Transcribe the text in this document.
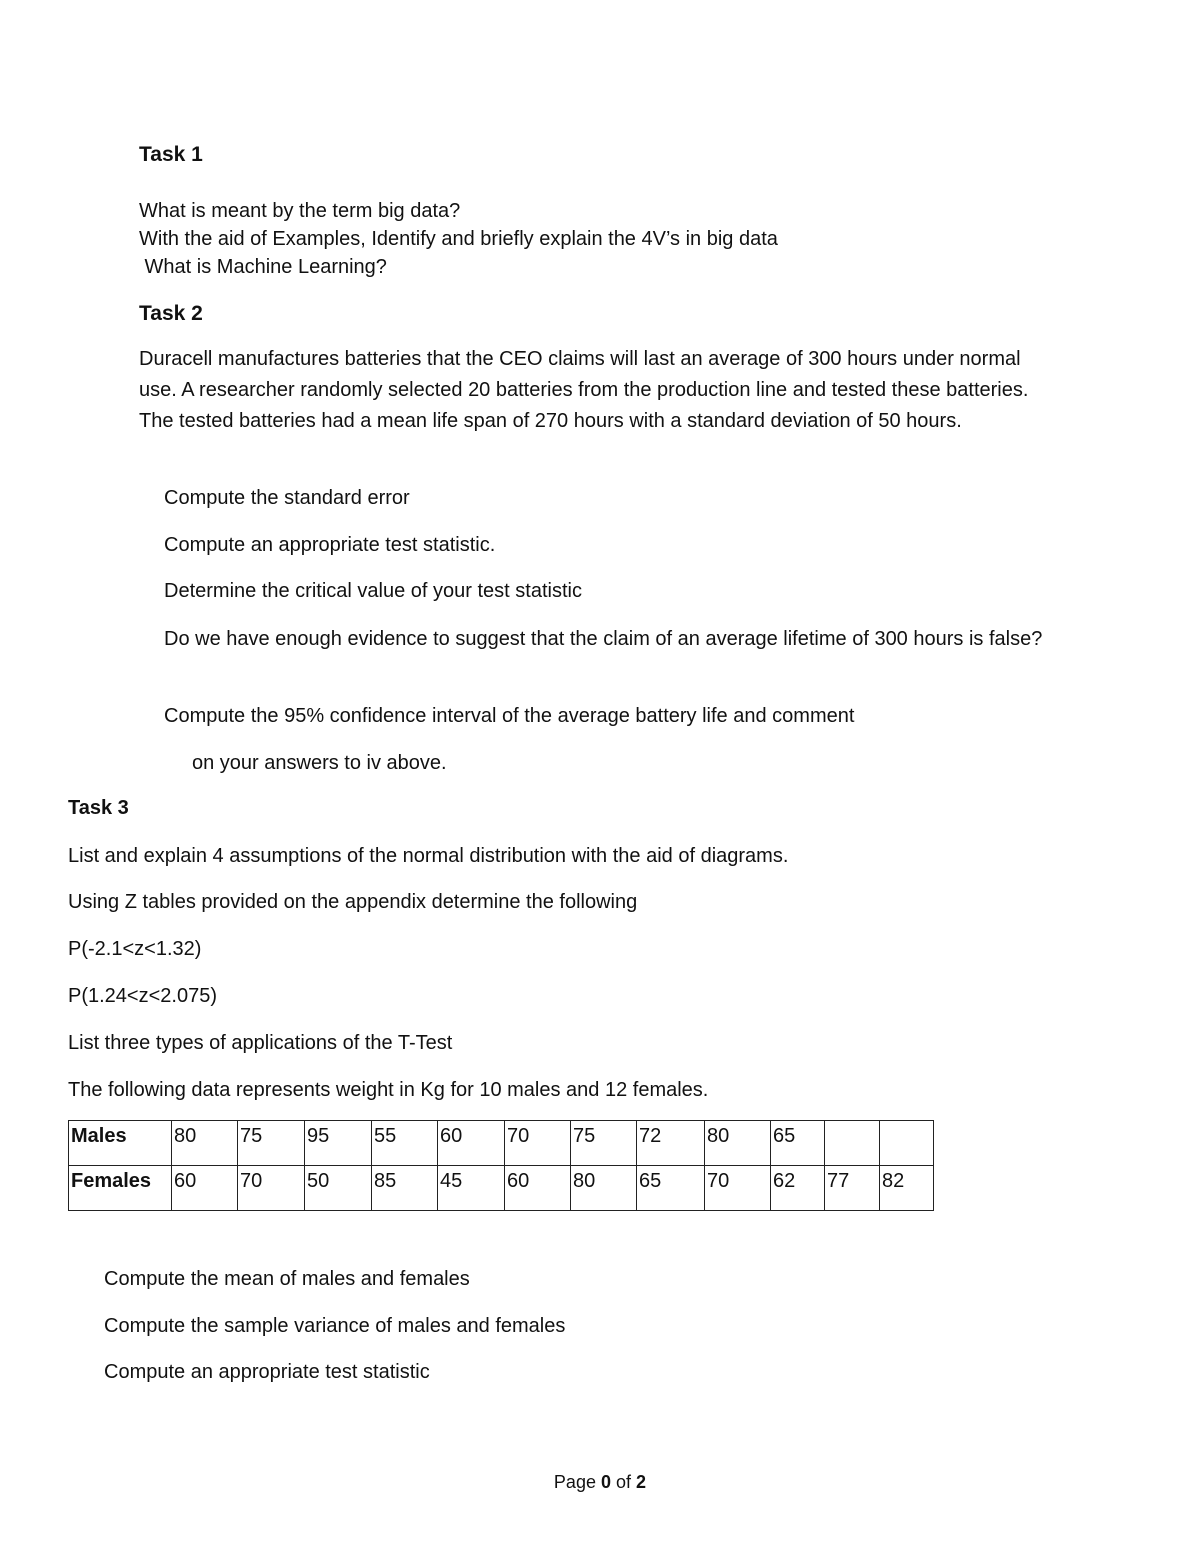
Task 1
What is meant by the term big data?
With the aid of Examples, Identify and briefly explain the 4V’s in big data
What is Machine Learning?
Task 2
Duracell manufactures batteries that the CEO claims will last an average of 300 hours under normal use. A researcher randomly selected 20 batteries from the production line and tested these batteries. The tested batteries had a mean life span of 270 hours with a standard deviation of 50 hours.
Compute the standard error
Compute an appropriate test statistic.
Determine the critical value of your test statistic
Do we have enough evidence to suggest that the claim of an average lifetime of 300 hours is false?
Compute the 95% confidence interval of the average battery life and comment
on your answers to iv above.
Task 3
List and explain 4 assumptions of the normal distribution with the aid of diagrams.
Using Z tables provided on the appendix determine the following
P(-2.1<z<1.32)
P(1.24<z<2.075)
List three types of applications of the T-Test
The following data represents weight in Kg for 10 males and 12 females.
Males	80	75	95	55	60	70	75	72	80	65		
Females	60	70	50	85	45	60	80	65	70	62	77	82
Compute the mean of males and females
Compute the sample variance of males and females
Compute an appropriate test statistic
Page 0 of 2
